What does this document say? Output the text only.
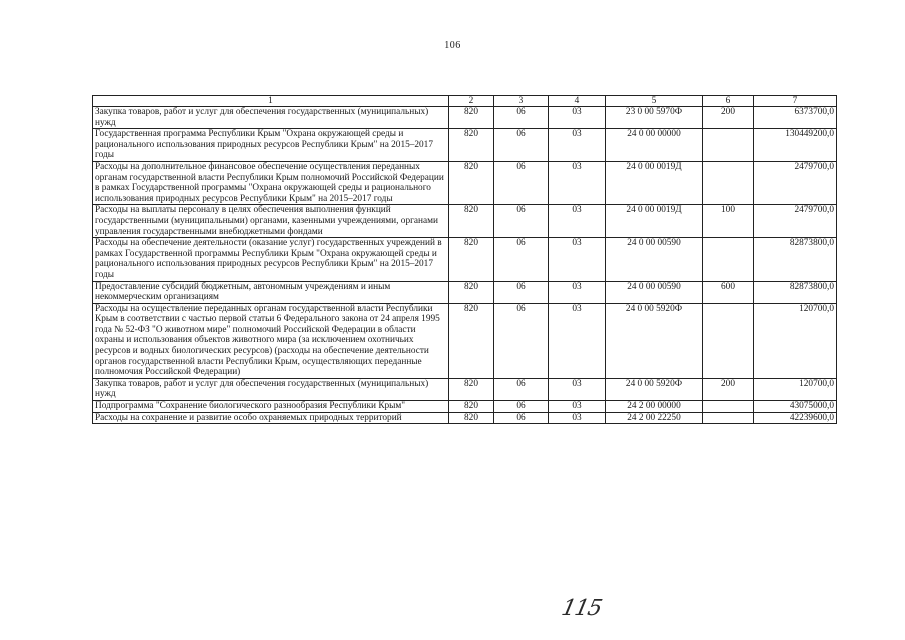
106
1	2	3	4	5	6	7
Закупка товаров, работ и услуг для обеспечения государственных (муниципальных) нужд	820	06	03	23 0 00 5970Ф	200	6373700,0
Государственная программа Республики Крым "Охрана окружающей среды и рационального использования природных ресурсов Республики Крым" на 2015–2017 годы	820	06	03	24 0 00 00000		130449200,0
Расходы на дополнительное финансовое обеспечение осуществления переданных органам государственной власти Республики Крым полномочий Российской Федерации в рамках Государственной программы "Охрана окружающей среды и рационального использования природных ресурсов Республики Крым" на 2015–2017 годы	820	06	03	24 0 00 0019Д		2479700,0
Расходы на выплаты персоналу в целях обеспечения выполнения функций государственными (муниципальными) органами, казенными учреждениями, органами управления государственными внебюджетными фондами	820	06	03	24 0 00 0019Д	100	2479700,0
Расходы на обеспечение деятельности (оказание услуг) государственных учреждений в рамках Государственной программы Республики Крым "Охрана окружающей среды и рационального использования природных ресурсов Республики Крым" на 2015–2017 годы	820	06	03	24 0 00 00590		82873800,0
Предоставление субсидий бюджетным, автономным учреждениям и иным некоммерческим организациям	820	06	03	24 0 00 00590	600	82873800,0
Расходы на осуществление переданных органам государственной власти Республики Крым в соответствии с частью первой статьи 6 Федерального закона от 24 апреля 1995 года № 52-ФЗ "О животном мире" полномочий Российской Федерации в области охраны и использования объектов животного мира (за исключением охотничьих ресурсов и водных биологических ресурсов) (расходы на обеспечение деятельности органов государственной власти Республики Крым, осуществляющих переданные полномочия Российской Федерации)	820	06	03	24 0 00 5920Ф		120700,0
Закупка товаров, работ и услуг для обеспечения государственных (муниципальных) нужд	820	06	03	24 0 00 5920Ф	200	120700,0
Подпрограмма "Сохранение биологического разнообразия Республики Крым"	820	06	03	24 2 00 00000		43075000,0
Расходы на сохранение и развитие особо охраняемых природных территорий	820	06	03	24 2 00 22250		42239600,0
115
